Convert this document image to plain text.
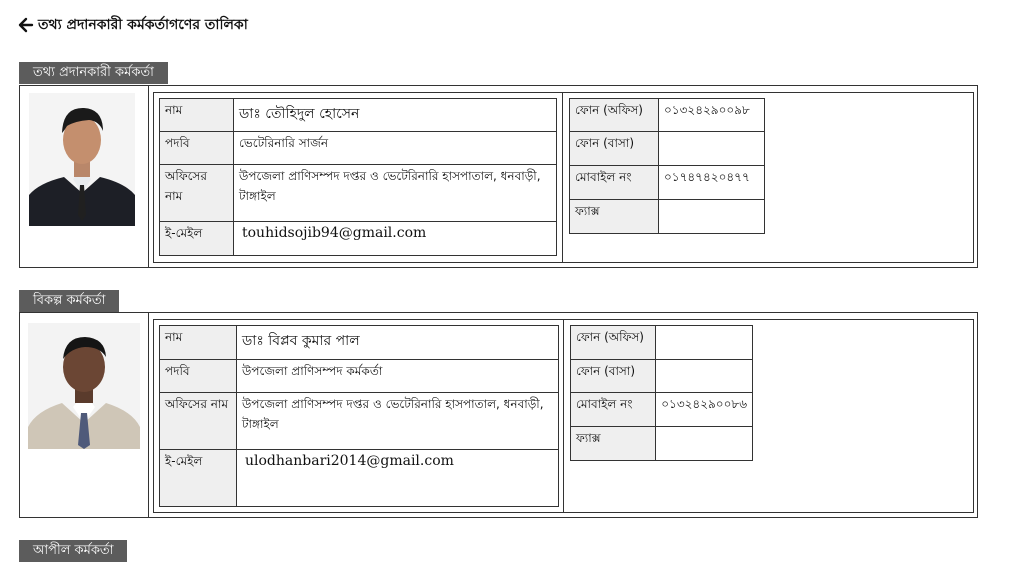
তথ্য প্রদানকারী কর্মকর্তাগণের তালিকা
তথ্য প্রদানকারী কর্মকর্তা
নাম	ডাঃ তৌহিদুল হোসেন
পদবি	ভেটেরিনারি সার্জন
অফিসের নাম	উপজেলা প্রাণিসম্পদ দপ্তর ও ভেটেরিনারি হাসপাতাল, ধনবাড়ী, টাঙ্গাইল
ই-মেইল	touhidsojib94@gmail.com
ফোন (অফিস)	০১৩২৪২৯০০৯৮
ফোন (বাসা)	
মোবাইল নং	০১৭৪৭৪২০৪৭৭
ফ্যাক্স	
বিকল্প কর্মকর্তা
নাম	ডাঃ বিপ্লব কুমার পাল
পদবি	উপজেলা প্রাণিসম্পদ কর্মকর্তা
অফিসের নাম	উপজেলা প্রাণিসম্পদ দপ্তর ও ভেটেরিনারি হাসপাতাল, ধনবাড়ী, টাঙ্গাইল
ই-মেইল	ulodhanbari2014@gmail.com
ফোন (অফিস)	
ফোন (বাসা)	
মোবাইল নং	০১৩২৪২৯০০৮৬
ফ্যাক্স	
আপীল কর্মকর্তা
